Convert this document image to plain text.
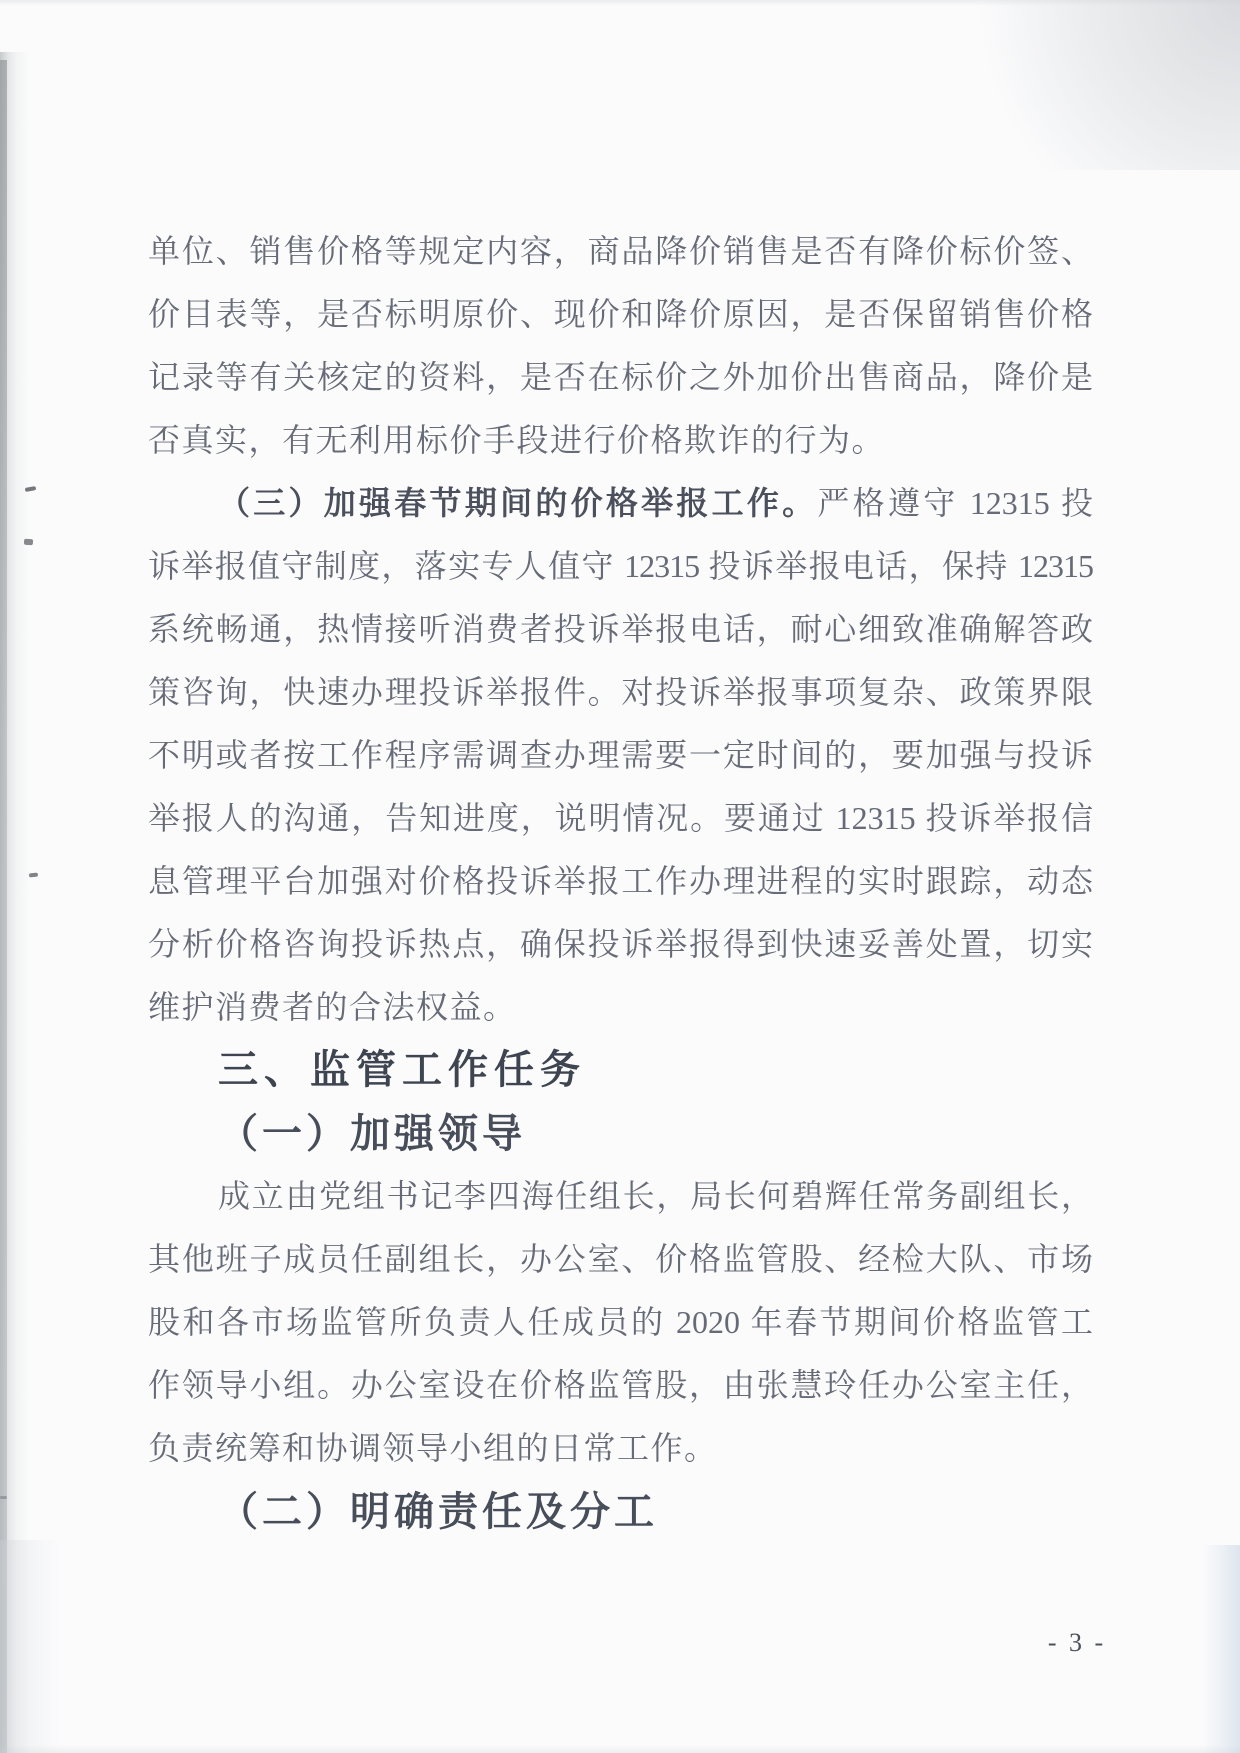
单位、销售价格等规定内容，商品降价销售是否有降价标价签、
价目表等，是否标明原价、现价和降价原因，是否保留销售价格
记录等有关核定的资料，是否在标价之外加价出售商品，降价是
否真实，有无利用标价手段进行价格欺诈的行为。
（三）加强春节期间的价格举报工作。严格遵守 12315 投
诉举报值守制度，落实专人值守 12315 投诉举报电话，保持 12315
系统畅通，热情接听消费者投诉举报电话，耐心细致准确解答政
策咨询，快速办理投诉举报件。对投诉举报事项复杂、政策界限
不明或者按工作程序需调查办理需要一定时间的，要加强与投诉
举报人的沟通，告知进度，说明情况。要通过 12315 投诉举报信
息管理平台加强对价格投诉举报工作办理进程的实时跟踪，动态
分析价格咨询投诉热点，确保投诉举报得到快速妥善处置，切实
维护消费者的合法权益。
三、监管工作任务
（一）加强领导
成立由党组书记李四海任组长，局长何碧辉任常务副组长，
其他班子成员任副组长，办公室、价格监管股、经检大队、市场
股和各市场监管所负责人任成员的 2020 年春节期间价格监管工
作领导小组。办公室设在价格监管股，由张慧玲任办公室主任，
负责统筹和协调领导小组的日常工作。
（二）明确责任及分工
- 3 -
